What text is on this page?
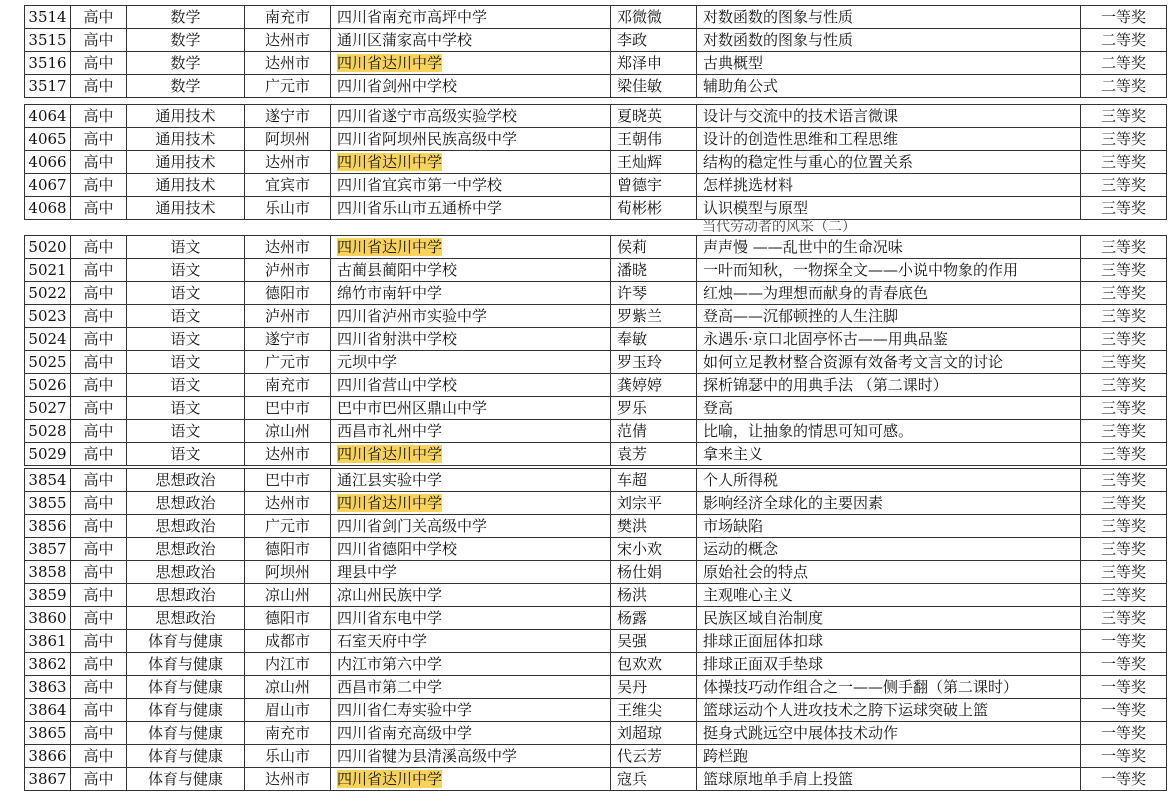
3514	高中	数学	南充市	四川省南充市高坪中学	邓微微	对数函数的图象与性质	一等奖
3515	高中	数学	达州市	通川区蒲家高中学校	李政	对数函数的图象与性质	二等奖
3516	高中	数学	达州市	四川省达川中学	郑泽申	古典概型	二等奖
3517	高中	数学	广元市	四川省剑州中学校	梁佳敏	辅助角公式	二等奖
4064	高中	通用技术	遂宁市	四川省遂宁市高级实验学校	夏晓英	设计与交流中的技术语言微课	三等奖
4065	高中	通用技术	阿坝州	四川省阿坝州民族高级中学	王朝伟	设计的创造性思维和工程思维	三等奖
4066	高中	通用技术	达州市	四川省达川中学	王灿辉	结构的稳定性与重心的位置关系	三等奖
4067	高中	通用技术	宜宾市	四川省宜宾市第一中学校	曾德宇	怎样挑选材料	三等奖
4068	高中	通用技术	乐山市	四川省乐山市五通桥中学	荀彬彬	认识模型与原型	三等奖
当代劳动者的风采（二）
5020	高中	语文	达州市	四川省达川中学	侯莉	声声慢 ——乱世中的生命况味	三等奖
5021	高中	语文	泸州市	古蔺县蔺阳中学校	潘晓	一叶而知秋，一物探全文——小说中物象的作用	三等奖
5022	高中	语文	德阳市	绵竹市南轩中学	许琴	红烛——为理想而献身的青春底色	三等奖
5023	高中	语文	泸州市	四川省泸州市实验中学	罗紫兰	登高——沉郁顿挫的人生注脚	三等奖
5024	高中	语文	遂宁市	四川省射洪中学校	奉敏	永遇乐·京口北固亭怀古——用典品鉴	三等奖
5025	高中	语文	广元市	元坝中学	罗玉玲	如何立足教材整合资源有效备考文言文的讨论	三等奖
5026	高中	语文	南充市	四川省营山中学校	龚婷婷	探析锦瑟中的用典手法 （第二课时）	三等奖
5027	高中	语文	巴中市	巴中市巴州区鼎山中学	罗乐	登高	三等奖
5028	高中	语文	凉山州	西昌市礼州中学	范倩	比喻，让抽象的情思可知可感。	三等奖
5029	高中	语文	达州市	四川省达川中学	袁芳	拿来主义	三等奖
3854	高中	思想政治	巴中市	通江县实验中学	车超	个人所得税	三等奖
3855	高中	思想政治	达州市	四川省达川中学	刘宗平	影响经济全球化的主要因素	三等奖
3856	高中	思想政治	广元市	四川省剑门关高级中学	樊洪	市场缺陷	三等奖
3857	高中	思想政治	德阳市	四川省德阳中学校	宋小欢	运动的概念	三等奖
3858	高中	思想政治	阿坝州	理县中学	杨仕娟	原始社会的特点	三等奖
3859	高中	思想政治	凉山州	凉山州民族中学	杨洪	主观唯心主义	三等奖
3860	高中	思想政治	德阳市	四川省东电中学	杨露	民族区域自治制度	三等奖
3861	高中	体育与健康	成都市	石室天府中学	吴强	排球正面屈体扣球	一等奖
3862	高中	体育与健康	内江市	内江市第六中学	包欢欢	排球正面双手垫球	一等奖
3863	高中	体育与健康	凉山州	西昌市第二中学	吴丹	体操技巧动作组合之一——侧手翻（第二课时）	一等奖
3864	高中	体育与健康	眉山市	四川省仁寿实验中学	王维尖	篮球运动个人进攻技术之胯下运球突破上篮	一等奖
3865	高中	体育与健康	南充市	四川省南充高级中学	刘超琼	挺身式跳远空中展体技术动作	一等奖
3866	高中	体育与健康	乐山市	四川省犍为县清溪高级中学	代云芳	跨栏跑	一等奖
3867	高中	体育与健康	达州市	四川省达川中学	寇兵	篮球原地单手肩上投篮	一等奖
